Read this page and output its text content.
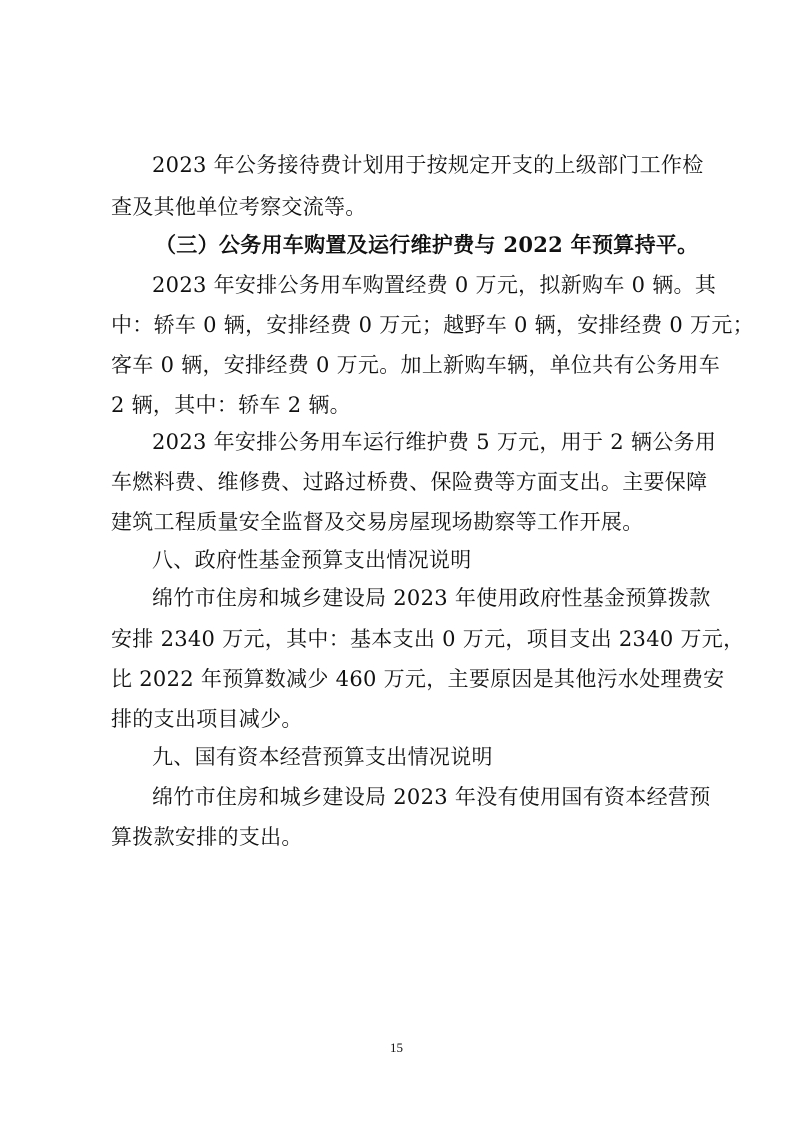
2023 年公务接待费计划用于按规定开支的上级部门工作检
查及其他单位考察交流等。
（三）公务用车购置及运行维护费与 2022 年预算持平。
2023 年安排公务用车购置经费 0 万元，拟新购车 0 辆。其
中：轿车 0 辆，安排经费 0 万元；越野车 0 辆，安排经费 0 万元；
客车 0 辆，安排经费 0 万元。加上新购车辆，单位共有公务用车
2 辆，其中：轿车 2 辆。
2023 年安排公务用车运行维护费 5 万元，用于 2 辆公务用
车燃料费、维修费、过路过桥费、保险费等方面支出。主要保障
建筑工程质量安全监督及交易房屋现场勘察等工作开展。
八、政府性基金预算支出情况说明
绵竹市住房和城乡建设局 2023 年使用政府性基金预算拨款
安排 2340 万元，其中：基本支出 0 万元，项目支出 2340 万元，
比 2022 年预算数减少 460 万元，主要原因是其他污水处理费安
排的支出项目减少。
九、国有资本经营预算支出情况说明
绵竹市住房和城乡建设局 2023 年没有使用国有资本经营预
算拨款安排的支出。
15
